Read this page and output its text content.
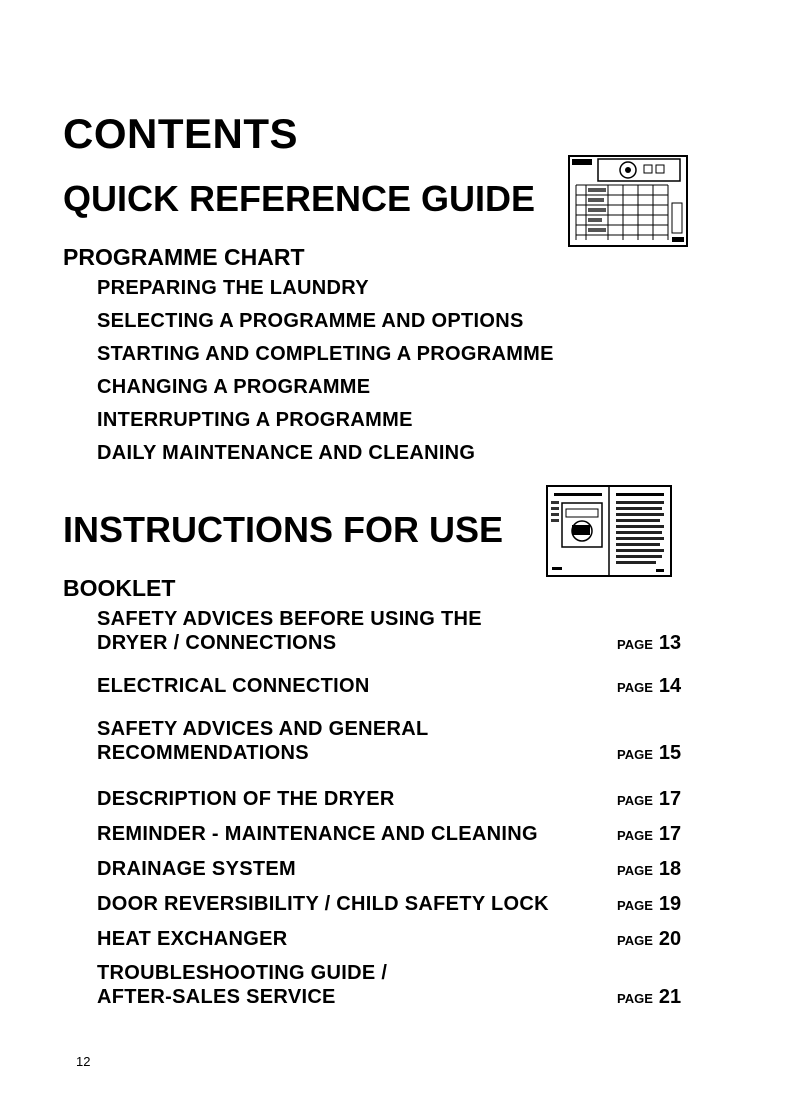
CONTENTS
QUICK REFERENCE GUIDE
PROGRAMME CHART
PREPARING THE LAUNDRY
SELECTING A PROGRAMME AND OPTIONS
STARTING AND COMPLETING A PROGRAMME
CHANGING A PROGRAMME
INTERRUPTING A PROGRAMME
DAILY MAINTENANCE AND CLEANING
INSTRUCTIONS FOR USE
BOOKLET
SAFETY ADVICES BEFORE USING THE
DRYER / CONNECTIONS	PAGE 13
ELECTRICAL CONNECTION	PAGE 14
SAFETY ADVICES AND GENERAL
RECOMMENDATIONS	PAGE 15
DESCRIPTION OF THE DRYER	PAGE 17
REMINDER - MAINTENANCE AND CLEANING	PAGE 17
DRAINAGE SYSTEM	PAGE 18
DOOR REVERSIBILITY / CHILD SAFETY LOCK	PAGE 19
HEAT EXCHANGER	PAGE 20
TROUBLESHOOTING GUIDE /
AFTER-SALES SERVICE	PAGE 21
12
